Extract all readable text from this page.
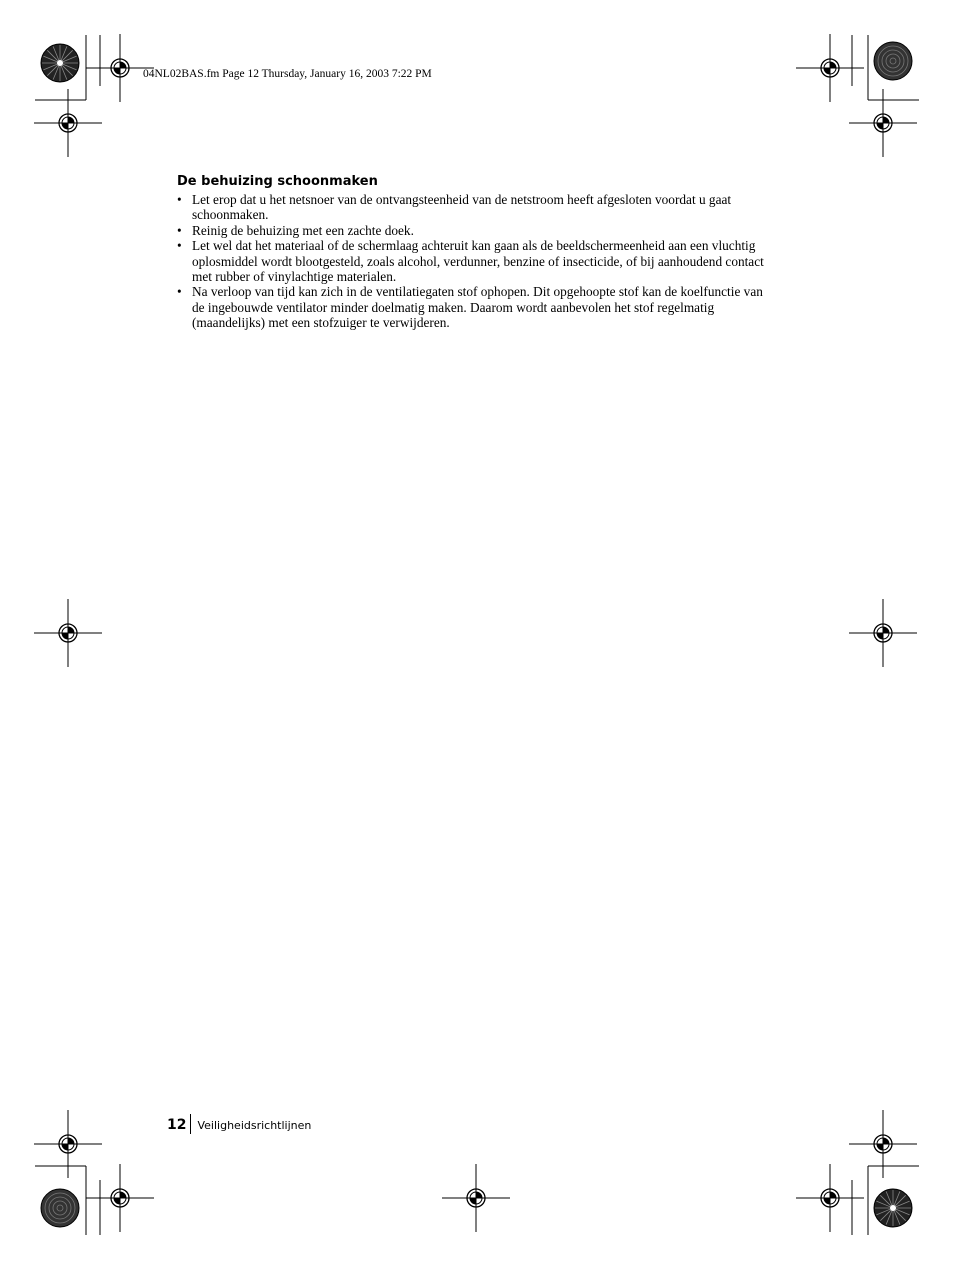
04NL02BAS.fm Page 12 Thursday, January 16, 2003 7:22 PM
De behuizing schoonmaken
• Let erop dat u het netsnoer van de ontvangsteenheid van de netstroom heeft afgesloten voordat u gaat schoonmaken.
• Reinig de behuizing met een zachte doek.
• Let wel dat het materiaal of de schermlaag achteruit kan gaan als de beeldschermeenheid aan een vluchtig oplosmiddel wordt blootgesteld, zoals alcohol, verdunner, benzine of insecticide, of bij aanhoudend contact met rubber of vinylachtige materialen.
• Na verloop van tijd kan zich in de ventilatiegaten stof ophopen. Dit opgehoopte stof kan de koelfunctie van de ingebouwde ventilator minder doelmatig maken. Daarom wordt aanbevolen het stof regelmatig (maandelijks) met een stofzuiger te verwijderen.
12 Veiligheidsrichtlijnen
